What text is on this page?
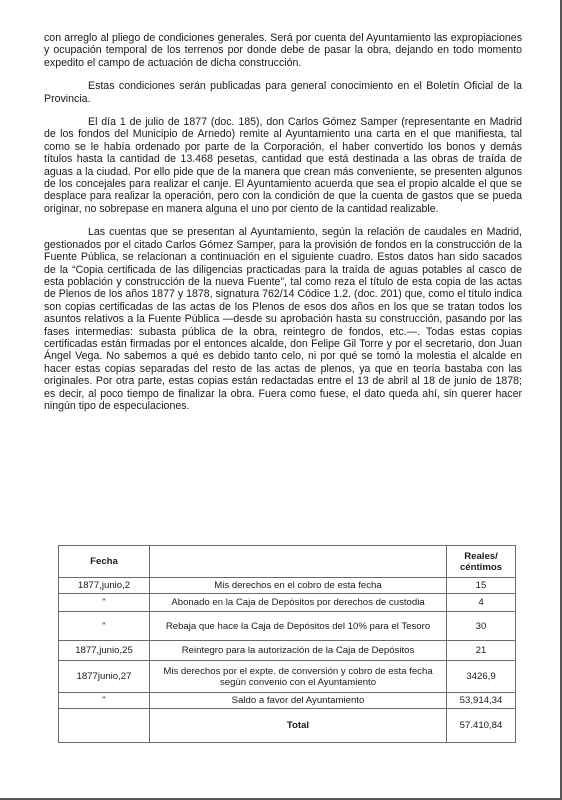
con arreglo al pliego de condiciones generales. Será por cuenta del Ayuntamiento las expropiaciones y ocupación temporal de los terrenos por donde debe de pasar la obra, dejando en todo momento expedito el campo de actuación de dicha construcción.

Estas condiciones serán publicadas para general conocimiento en el Boletín Oficial de la Provincia.

El día 1 de julio de 1877 (doc. 185), don Carlos Gómez Samper (representante en Madrid de los fondos del Municipio de Arnedo) remite al Ayuntamiento una carta en el que manifiesta, tal como se le había ordenado por parte de la Corporación, el haber convertido los bonos y demás títulos hasta la cantidad de 13.468 pesetas, cantidad que está destinada a las obras de traída de aguas a la ciudad. Por ello pide que de la manera que crean más conveniente, se presenten algunos de los concejales para realizar el canje. El Ayuntamiento acuerda que sea el propio alcalde el que se desplace para realizar la operación, pero con la condición de que la cuenta de gastos que se pueda originar, no sobrepase en manera alguna el uno por ciento de la cantidad realizable.

Las cuentas que se presentan al Ayuntamiento, según la relación de caudales en Madrid, gestionados por el citado Carlos Gómez Samper, para la provisión de fondos en la construcción de la Fuente Pública, se relacionan a continuación en el siguiente cuadro. Estos datos han sido sacados de la “Copia certificada de las diligencias practicadas para la traída de aguas potables al casco de esta población y construcción de la nueva Fuente”, tal como reza el título de esta copia de las actas de Plenos de los años 1877 y 1878, signatura 762/14 Códice 1.2. (doc. 201) que, como el título indica son copias certificadas de las actas de los Plenos de esos dos años en los que se tratan todos los asuntos relativos a la Fuente Pública —desde su aprobación hasta su construcción, pasando por las fases intermedias: subasta pública de la obra, reintegro de fondos, etc.—. Todas estas copias certificadas están firmadas por el entonces alcalde, don Felipe Gil Torre y por el secretario, don Juan Ángel Vega. No sabemos a qué es debido tanto celo, ni por qué se tomó la molestia el alcalde en hacer estas copias separadas del resto de las actas de plenos, ya que en teoría bastaba con las originales. Por otra parte, estas copias están redactadas entre el 13 de abril al 18 de junio de 1878; es decir, al poco tiempo de finalizar la obra. Fuera como fuese, el dato queda ahí, sin querer hacer ningún tipo de especulaciones.

Fecha		Reales/ céntimos
1877,junio,2	Mis derechos en el cobro de esta fecha	15
"	Abonado en la Caja de Depósitos por derechos de custodia	4
"	Rebaja que hace la Caja de Depósitos del 10% para el Tesoro	30
1877,junio,25	Reintegro para la autorización de la Caja de Depósitos	21
1877junio,27	Mis derechos por el expte. de conversión y cobro de esta fecha según convenio con el Ayuntamiento	3426,9
"	Saldo a favor del Ayuntamiento	53,914,34
	Total	57.410,84
